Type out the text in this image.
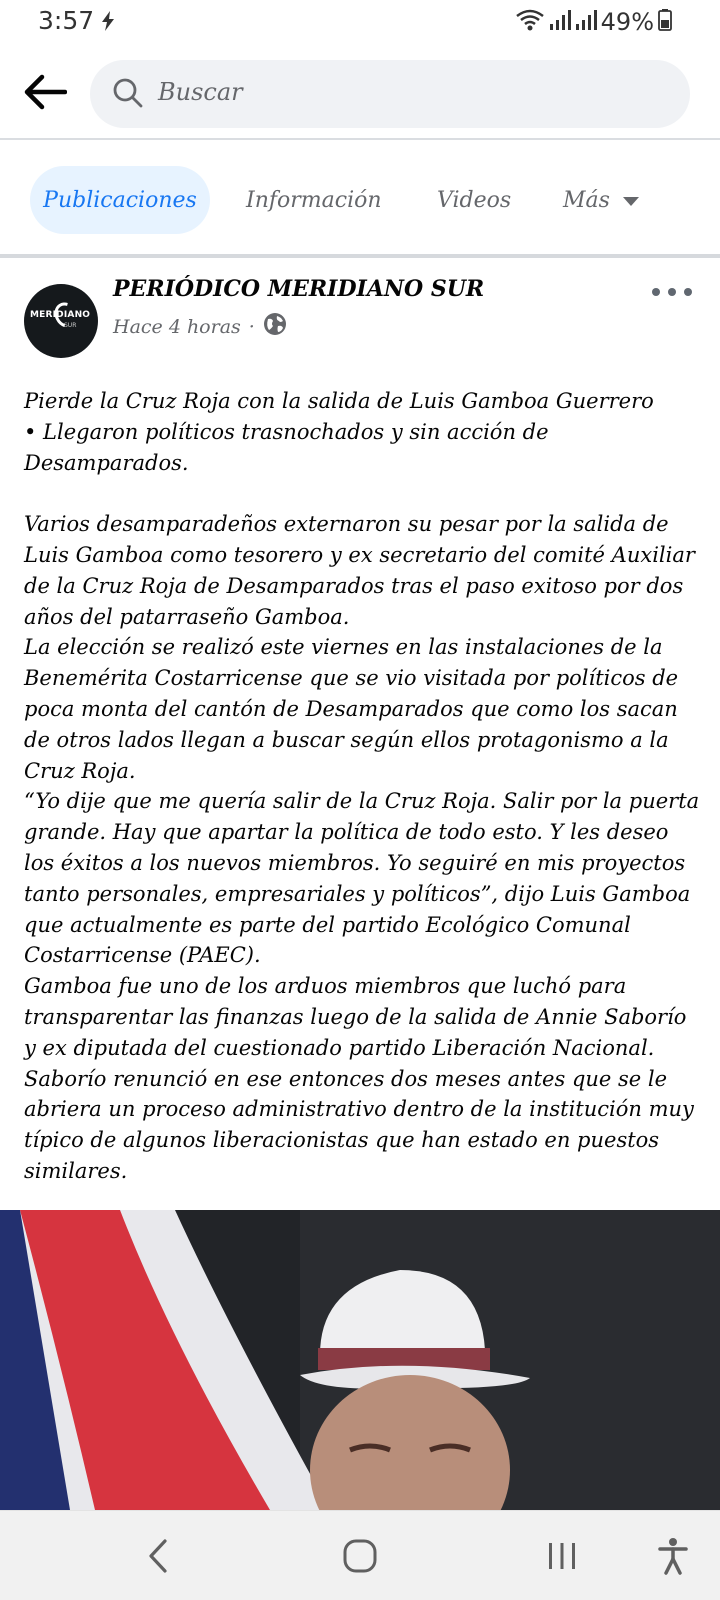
3:57	49%
Buscar
Publicaciones	Información	Videos Más
MERIDIANO
SUR
PERIÓDICO MERIDIANO SUR
Hace 4 horas ·

Pierde la Cruz Roja con la salida de Luis Gamboa Guerrero
• Llegaron políticos trasnochados y sin acción de Desamparados.

Varios desamparadeños externaron su pesar por la salida de Luis Gamboa como tesorero y ex secretario del comité Auxiliar de la Cruz Roja de Desamparados tras el paso exitoso por dos años del patarraseño Gamboa.

La elección se realizó este viernes en las instalaciones de la Benemérita Costarricense que se vio visitada por políticos de poca monta del cantón de Desamparados que como los sacan de otros lados llegan a buscar según ellos protagonismo a la Cruz Roja.

“Yo dije que me quería salir de la Cruz Roja. Salir por la puerta grande. Hay que apartar la política de todo esto. Y les deseo los éxitos a los nuevos miembros. Yo seguiré en mis proyectos tanto personales, empresariales y políticos”, dijo Luis Gamboa que actualmente es parte del partido Ecológico Comunal Costarricense (PAEC).

Gamboa fue uno de los arduos miembros que luchó para transparentar las finanzas luego de la salida de Annie Saborío y ex diputada del cuestionado partido Liberación Nacional. Saborío renunció en ese entonces dos meses antes que se le abriera un proceso administrativo dentro de la institución muy típico de algunos liberacionistas que han estado en puestos similares.
